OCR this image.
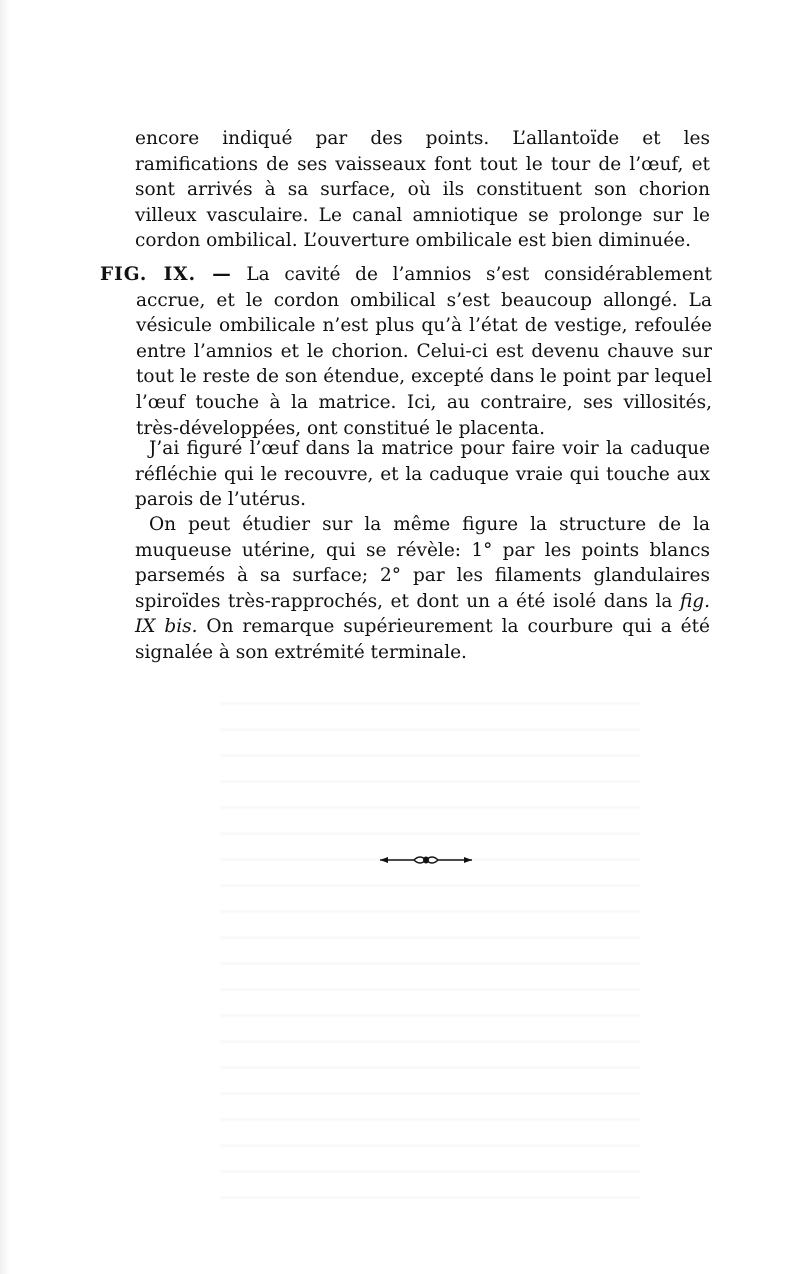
encore indiqué par des points. L’allantoïde et les ramifications de ses vaisseaux font tout le tour de l’œuf, et sont arrivés à sa surface, où ils constituent son chorion villeux vasculaire. Le canal amniotique se prolonge sur le cordon ombilical. L’ouverture ombilicale est bien diminuée.

FIG. IX. — La cavité de l’amnios s’est considérablement accrue, et le cordon ombilical s’est beaucoup allongé. La vésicule ombilicale n’est plus qu’à l’état de vestige, refoulée entre l’amnios et le chorion. Celui-ci est devenu chauve sur tout le reste de son étendue, excepté dans le point par lequel l’œuf touche à la matrice. Ici, au contraire, ses villosités, très-développées, ont constitué le placenta.

J’ai figuré l’œuf dans la matrice pour faire voir la caduque réfléchie qui le recouvre, et la caduque vraie qui touche aux parois de l’utérus.

On peut étudier sur la même figure la structure de la muqueuse utérine, qui se révèle: 1° par les points blancs parsemés à sa surface; 2° par les filaments glandulaires spiroïdes très-rapprochés, et dont un a été isolé dans la fig. IX bis. On remarque supérieurement la courbure qui a été signalée à son extrémité terminale.
